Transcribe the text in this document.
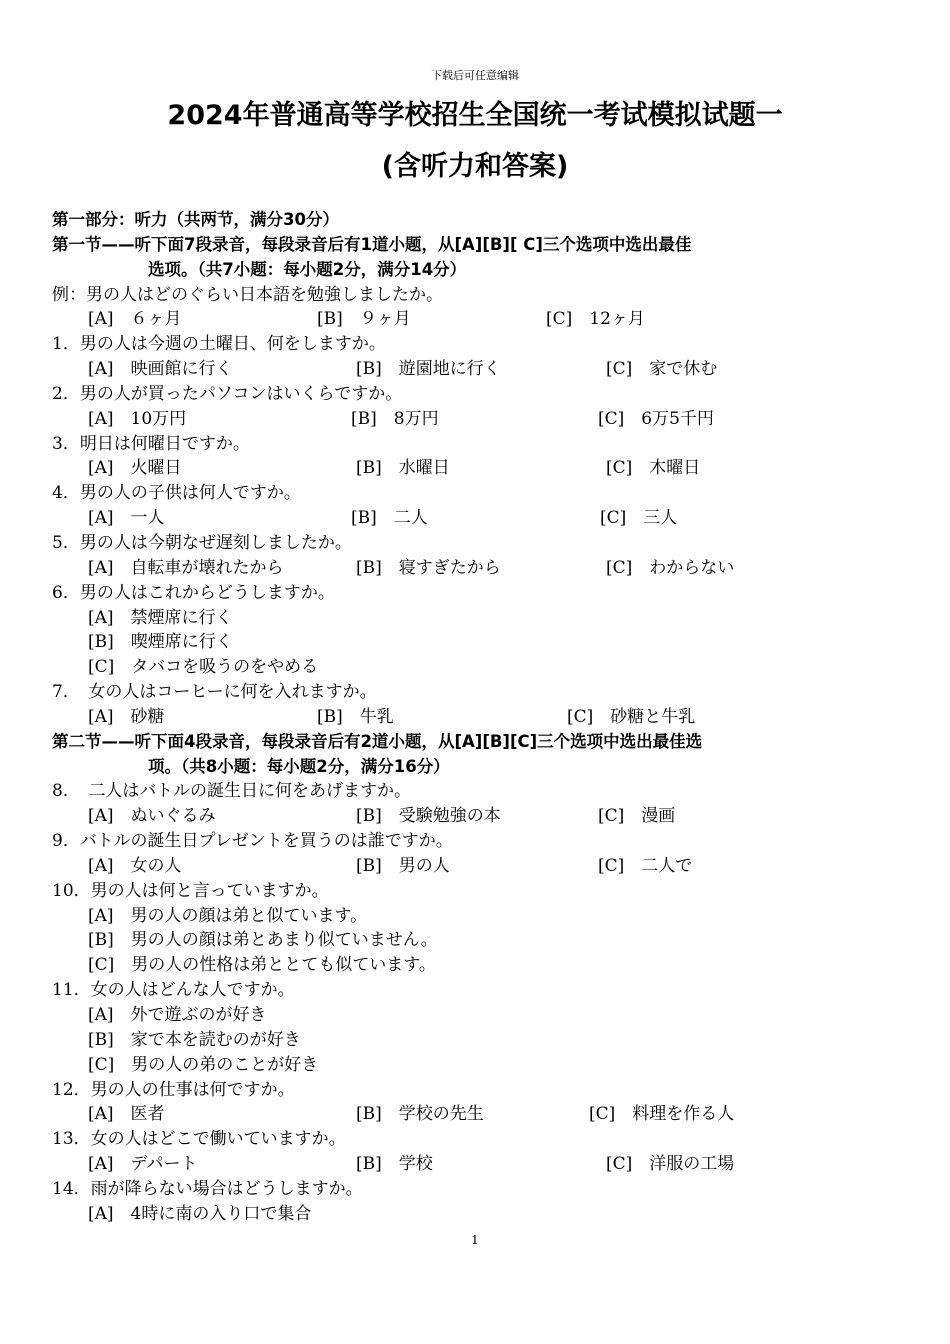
下载后可任意编辑
2024年普通高等学校招生全国统一考试模拟试题一
(含听力和答案)
第一部分：听力（共两节，满分30分）
第一节——听下面7段录音，每段录音后有1道小题，从[A][B][ C]三个选项中选出最佳
选项。（共7小题：每小题2分，满分14分）
例：男の人はどのぐらい日本語を勉強しましたか。
[A]　６ヶ月	[B]　９ヶ月	[C]　12ヶ月
1．男の人は今週の土曜日、何をしますか。
[A]　映画館に行く	[B]　遊園地に行く	[C]　家で休む
2．男の人が買ったパソコンはいくらですか。
[A]　10万円	[B]　8万円	[C]　6万5千円
3．明日は何曜日ですか。
[A]　火曜日	[B]　水曜日	[C]　木曜日
4．男の人の子供は何人ですか。
[A]　一人	[B]　二人	[C]　三人
5．男の人は今朝なぜ遅刻しましたか。
[A]　自転車が壊れたから	[B]　寝すぎたから	[C]　わからない
6．男の人はこれからどうしますか。
[A]　禁煙席に行く
[B]　喫煙席に行く
[C]　タバコを吸うのをやめる
7．　女の人はコーヒーに何を入れますか。
[A]　砂糖	[B]　牛乳	[C]　砂糖と牛乳
第二节——听下面4段录音，每段录音后有2道小题，从[A][B][C]三个选项中选出最佳选
项。（共8小题：每小题2分，满分16分）
8．　二人はバトルの誕生日に何をあげますか。
[A]　ぬいぐるみ	[B]　受験勉強の本	[C]　漫画
9．バトルの誕生日プレゼントを買うのは誰ですか。
[A]　女の人	[B]　男の人	[C]　二人で
10．男の人は何と言っていますか。
[A]　男の人の顔は弟と似ています。
[B]　男の人の顔は弟とあまり似ていません。
[C]　男の人の性格は弟ととても似ています。
11．女の人はどんな人ですか。
[A]　外で遊ぶのが好き
[B]　家で本を読むのが好き
[C]　男の人の弟のことが好き
12．男の人の仕事は何ですか。
[A]　医者	[B]　学校の先生	[C]　料理を作る人
13．女の人はどこで働いていますか。
[A]　デパート	[B]　学校	[C]　洋服の工場
14．雨が降らない場合はどうしますか。
[A]　4時に南の入り口で集合
1
